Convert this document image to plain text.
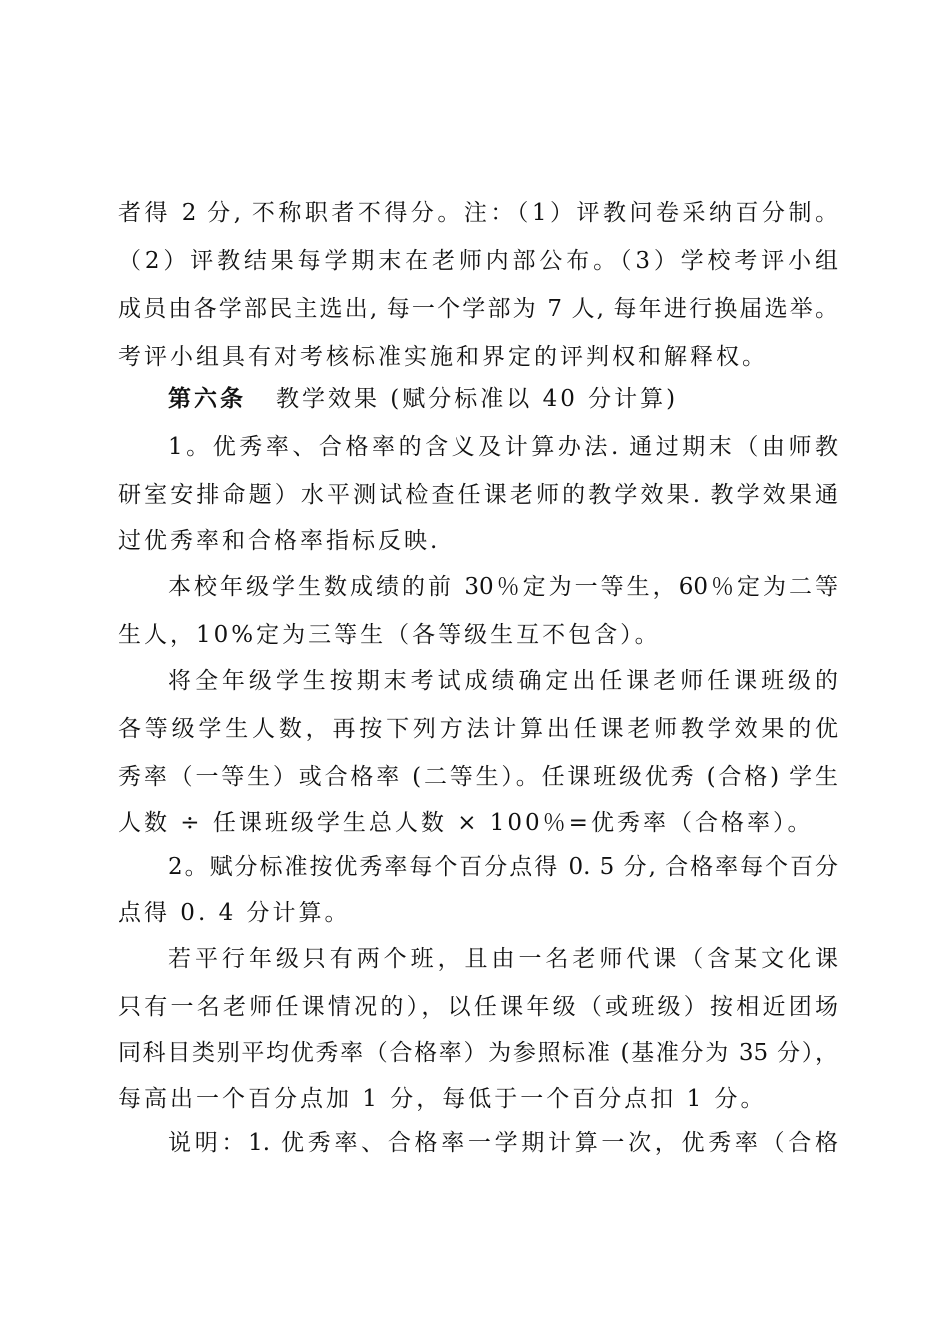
者得 2 分, 不称职者不得分。注：（1）评教问卷采纳百分制。
（2）评教结果每学期末在老师内部公布。（3）学校考评小组
成员由各学部民主选出, 每一个学部为 7 人, 每年进行换届选举。
考评小组具有对考核标准实施和界定的评判权和解释权。
第六条 教学效果 (赋分标准以 40 分计算)
1。优秀率、合格率的含义及计算办法. 通过期末（由师教
研室安排命题）水平测试检查任课老师的教学效果. 教学效果通
过优秀率和合格率指标反映.
本校年级学生数成绩的前 30％定为一等生，60％定为二等
生人，10%定为三等生（各等级生互不包含）。
将全年级学生按期末考试成绩确定出任课老师任课班级的
各等级学生人数，再按下列方法计算出任课老师教学效果的优
秀率（一等生）或合格率 (二等生）。任课班级优秀 (合格) 学生
人数 ÷ 任课班级学生总人数 × 100％=优秀率（合格率）。
2。赋分标准按优秀率每个百分点得 0. 5 分, 合格率每个百分
点得 0. 4 分计算。
若平行年级只有两个班，且由一名老师代课（含某文化课
只有一名老师任课情况的），以任课年级（或班级）按相近团场
同科目类别平均优秀率（合格率）为参照标准 (基准分为 35 分），
每高出一个百分点加 1 分，每低于一个百分点扣 1 分。
说明：1. 优秀率、合格率一学期计算一次，优秀率（合格
